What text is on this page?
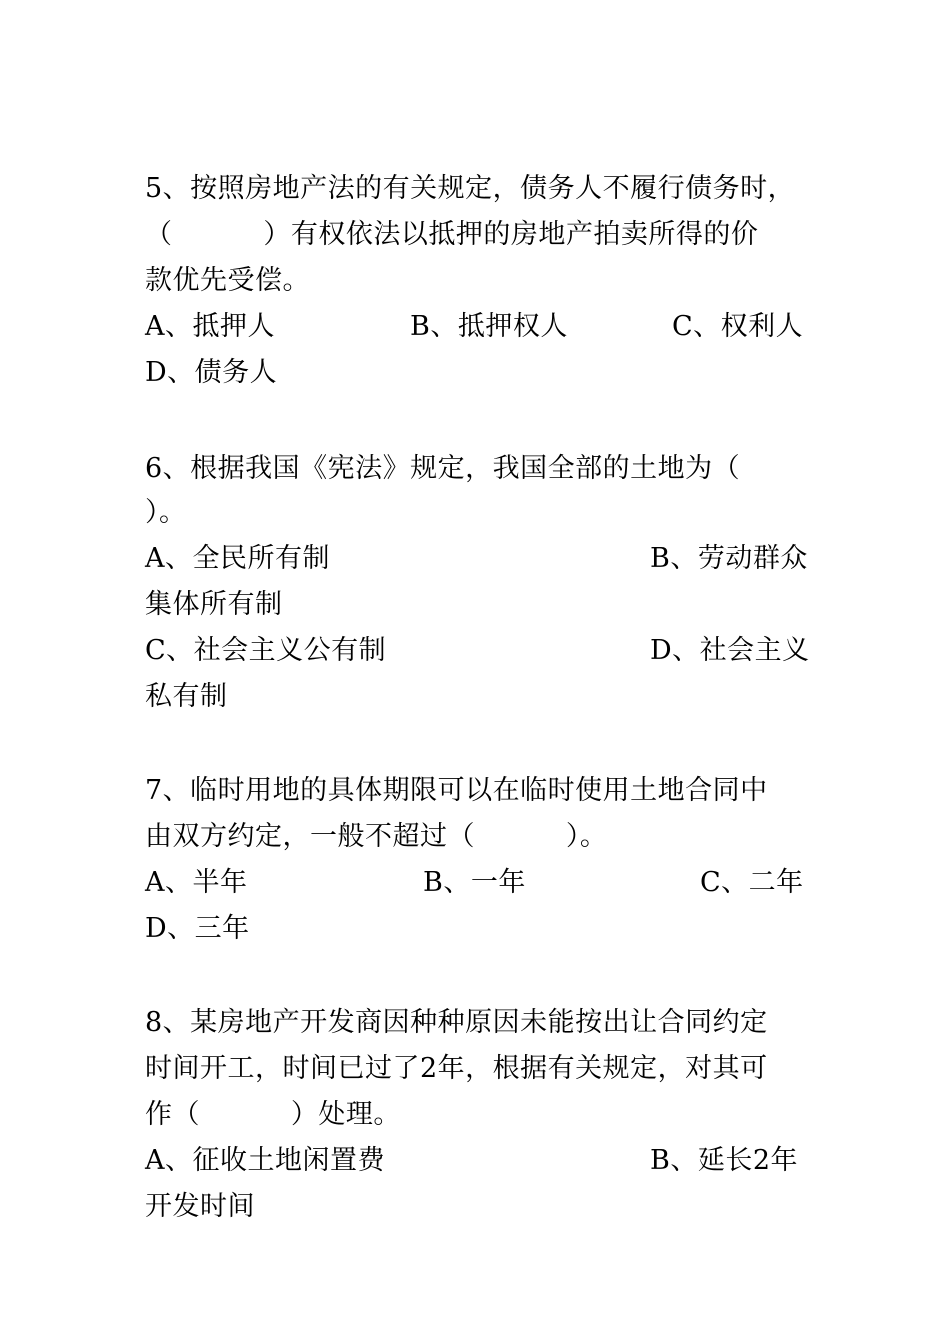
5、按照房地产法的有关规定，债务人不履行债务时，
（          ）有权依法以抵押的房地产拍卖所得的价
款优先受偿。
A、抵押人	B、抵押权人	C、权利人
D、债务人
6、根据我国《宪法》规定，我国全部的土地为（
）。
A、全民所有制	B、劳动群众
集体所有制
C、社会主义公有制	D、社会主义
私有制
7、临时用地的具体期限可以在临时使用土地合同中
由双方约定，一般不超过（          ）。
A、半年	B、一年	C、二年
D、三年
8、某房地产开发商因种种原因未能按出让合同约定
时间开工，时间已过了2年，根据有关规定，对其可
作（          ）处理。
A、征收土地闲置费	B、延长2年
开发时间
